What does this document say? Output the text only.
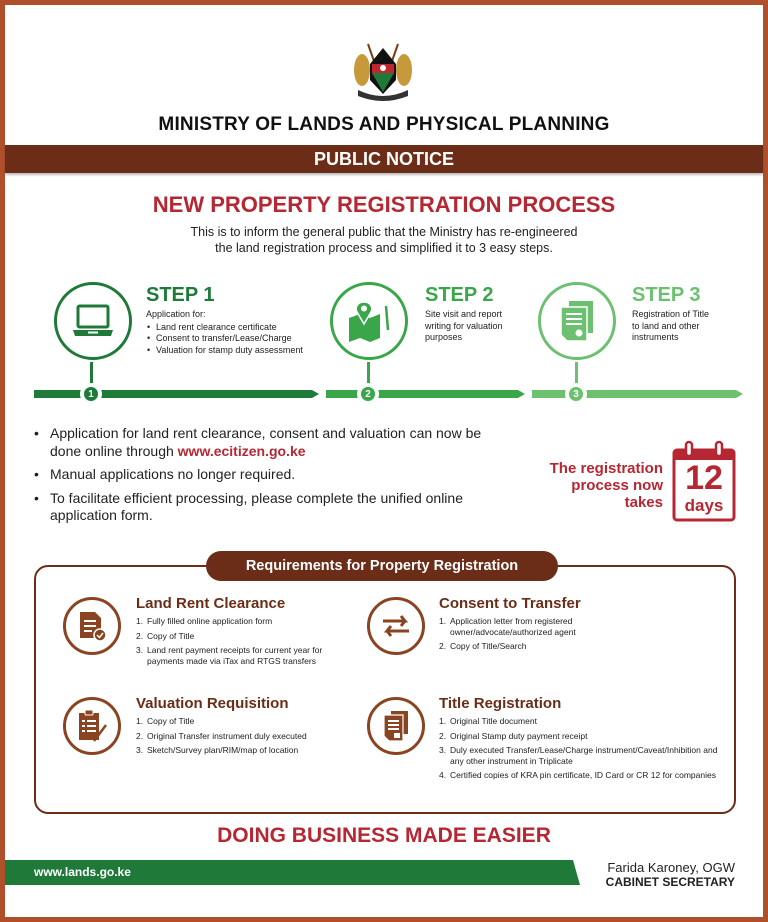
MINISTRY OF LANDS AND PHYSICAL PLANNING
PUBLIC NOTICE
NEW PROPERTY REGISTRATION PROCESS
This is to inform the general public that the Ministry has re-engineered
the land registration process and simplified it to 3 easy steps.
1
STEP 1
Application for:
• Land rent clearance certificate
• Consent to transfer/Lease/Charge
• Valuation for stamp duty assessment
2
STEP 2
Site visit and report
writing for valuation
purposes
3
STEP 3
Registration of Title
to land and other
instruments
• Application for land rent clearance, consent and valuation can now be done online through www.ecitizen.go.ke
• Manual applications no longer required.
• To facilitate efficient processing, please complete the unified online application form.
The registration
process now
takes
12
days
Requirements for Property Registration
Land Rent Clearance
1. Fully filled online application form
2. Copy of Title
3. Land rent payment receipts for current year for payments made via iTax and RTGS transfers
Consent to Transfer
1. Application letter from registered owner/advocate/authorized agent
2. Copy of Title/Search
Valuation Requisition
1. Copy of Title
2. Original Transfer instrument duly executed
3. Sketch/Survey plan/RIM/map of location
Title Registration
1. Original Title document
2. Original Stamp duty payment receipt
3. Duly executed Transfer/Lease/Charge instrument/Caveat/Inhibition and any other instrument in Triplicate
4. Certified copies of KRA pin certificate, ID Card or CR 12 for companies
DOING BUSINESS MADE EASIER
www.lands.go.ke	Farida Karoney, OGW
CABINET SECRETARY
